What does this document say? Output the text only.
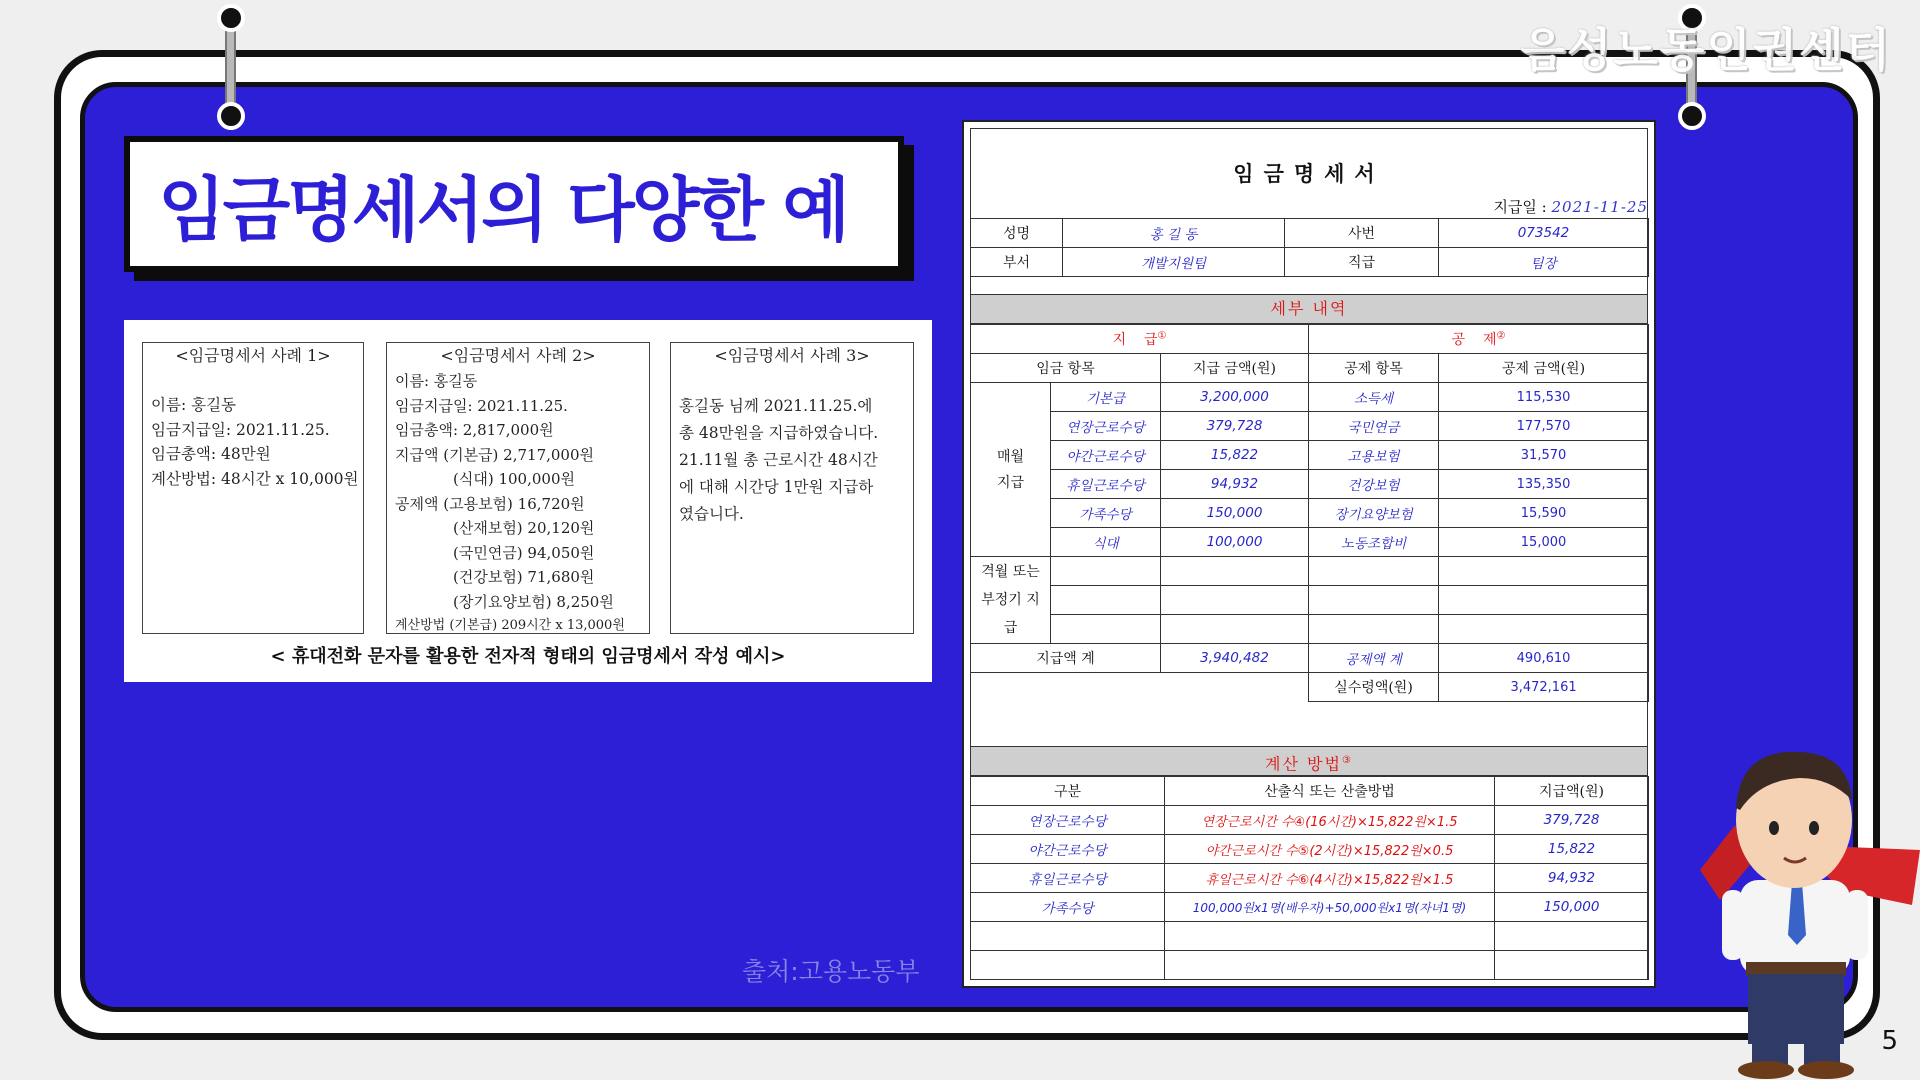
음성노동인권센터
임금명세서의 다양한 예
<임금명세서 사례 1>
이름: 홍길동
임금지급일: 2021.11.25.
임금총액: 48만원
계산방법: 48시간 x 10,000원
<임금명세서 사례 2>
이름: 홍길동
임금지급일: 2021.11.25.
임금총액: 2,817,000원
지급액 (기본급) 2,717,000원
(식대) 100,000원
공제액 (고용보험) 16,720원
(산재보험) 20,120원
(국민연금) 94,050원
(건강보험) 71,680원
(장기요양보험) 8,250원
계산방법 (기본급) 209시간 x 13,000원
<임금명세서 사례 3>
홍길동 님께 2021.11.25.에
총 48만원을 지급하였습니다.
21.11월 총 근로시간 48시간
에 대해 시간당 1만원 지급하
였습니다.
< 휴대전화 문자를 활용한 전자적 형태의 임금명세서 작성 예시>
출처:고용노동부
임금명세서
지급일 : 2021-11-25
성명	홍 길 동	사번	073542
부서	개발지원팀	직급	팀장
세부 내역
지    급①			공    제②
임금 항목		지급 금액(원)	공제 항목	공제 금액(원)
매월 지급	기본급	3,200,000	소득세	115,530
	연장근로수당	379,728	국민연금	177,570
	야간근로수당	15,822	고용보험	31,570
	휴일근로수당	94,932	건강보험	135,350
	가족수당	150,000	장기요양보험	15,590
	식대	100,000	노동조합비	15,000
격월 또는 부정기 지급				

지급액 계		3,940,482	공제액 계	490,610
			실수령액(원)	3,472,161
계산 방법③
구분	산출식 또는 산출방법	지급액(원)
연장근로수당	연장근로시간 수④(16시간)×15,822원×1.5	379,728
야간근로수당	야간근로시간 수⑤(2시간)×15,822원×0.5	15,822
휴일근로수당	휴일근로시간 수⑥(4시간)×15,822원×1.5	94,932
가족수당	100,000원x1명(배우자)+50,000원x1명(자녀1명)	150,000

5
